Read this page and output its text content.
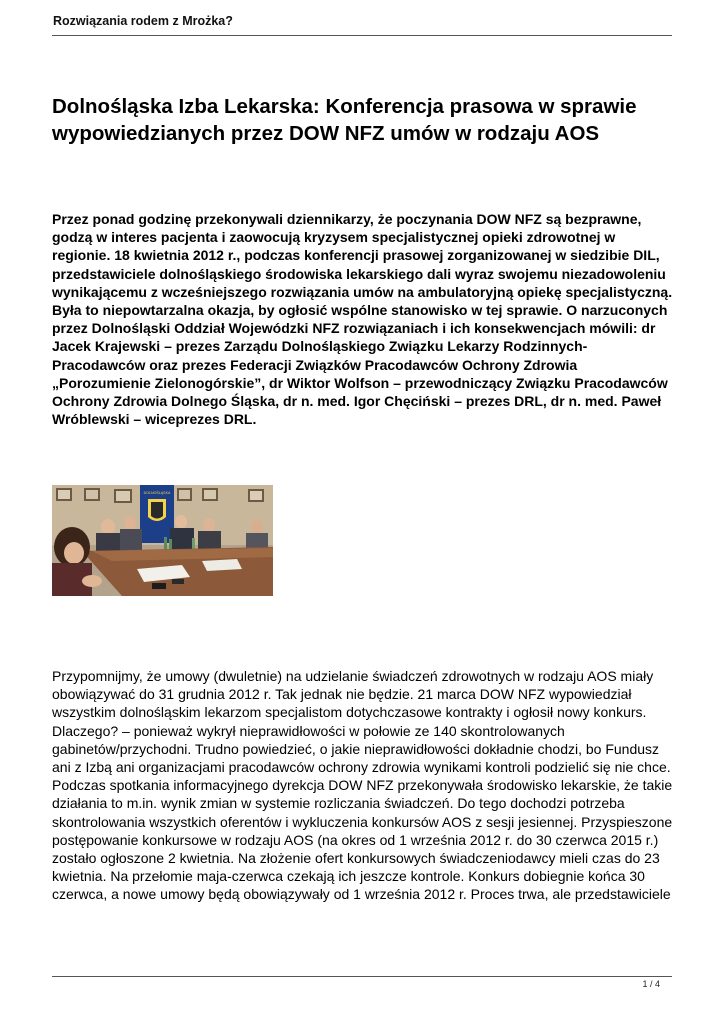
Rozwiązania rodem z Mrożka?
Dolnośląska Izba Lekarska: Konferencja prasowa w sprawie wypowiedzianych przez DOW NFZ umów w rodzaju AOS

Przez ponad godzinę przekonywali dziennikarzy, że poczynania DOW NFZ są bezprawne, godzą w interes pacjenta i zaowocują kryzysem specjalistycznej opieki zdrowotnej w regionie. 18 kwietnia 2012 r., podczas konferencji prasowej zorganizowanej w siedzibie DIL, przedstawiciele dolnośląskiego środowiska lekarskiego dali wyraz swojemu niezadowoleniu wynikającemu z wcześniejszego rozwiązania umów na ambulatoryjną opiekę specjalistyczną. Była to niepowtarzalna okazja, by ogłosić wspólne stanowisko w tej sprawie. O narzuconych przez Dolnośląski Oddział Wojewódzki NFZ rozwiązaniach i ich konsekwencjach mówili: dr Jacek Krajewski – prezes Zarządu Dolnośląskiego Związku Lekarzy Rodzinnych-Pracodawców oraz prezes Federacji Związków Pracodawców Ochrony Zdrowia „Porozumienie Zielonogórskie”, dr Wiktor Wolfson – przewodniczący Związku Pracodawców Ochrony Zdrowia Dolnego Śląska, dr n. med. Igor Chęciński – prezes DRL, dr n. med. Paweł Wróblewski – wiceprezes DRL.

DOLNOŚLĄSKA

Przypomnijmy, że umowy (dwuletnie) na udzielanie świadczeń zdrowotnych w rodzaju AOS miały obowiązywać do 31 grudnia 2012 r. Tak jednak nie będzie. 21 marca DOW NFZ wypowiedział wszystkim dolnośląskim lekarzom specjalistom dotychczasowe kontrakty i ogłosił nowy konkurs. Dlaczego? – ponieważ wykrył nieprawidłowości w połowie ze 140 skontrolowanych gabinetów/przychodni. Trudno powiedzieć, o jakie nieprawidłowości dokładnie chodzi, bo Fundusz ani z Izbą ani organizacjami pracodawców ochrony zdrowia wynikami kontroli podzielić się nie chce. Podczas spotkania informacyjnego dyrekcja DOW NFZ przekonywała środowisko lekarskie, że takie działania to m.in. wynik zmian w systemie rozliczania świadczeń. Do tego dochodzi potrzeba skontrolowania wszystkich oferentów i wykluczenia konkursów AOS z sesji jesiennej. Przyspieszone postępowanie konkursowe w rodzaju AOS (na okres od 1 września 2012 r. do 30 czerwca 2015 r.) zostało ogłoszone 2 kwietnia. Na złożenie ofert konkursowych świadczeniodawcy mieli czas do 23 kwietnia. Na przełomie maja-czerwca czekają ich jeszcze kontrole. Konkurs dobiegnie końca 30 czerwca, a nowe umowy będą obowiązywały od 1 września 2012 r. Proces trwa, ale przedstawiciele

1 / 4
